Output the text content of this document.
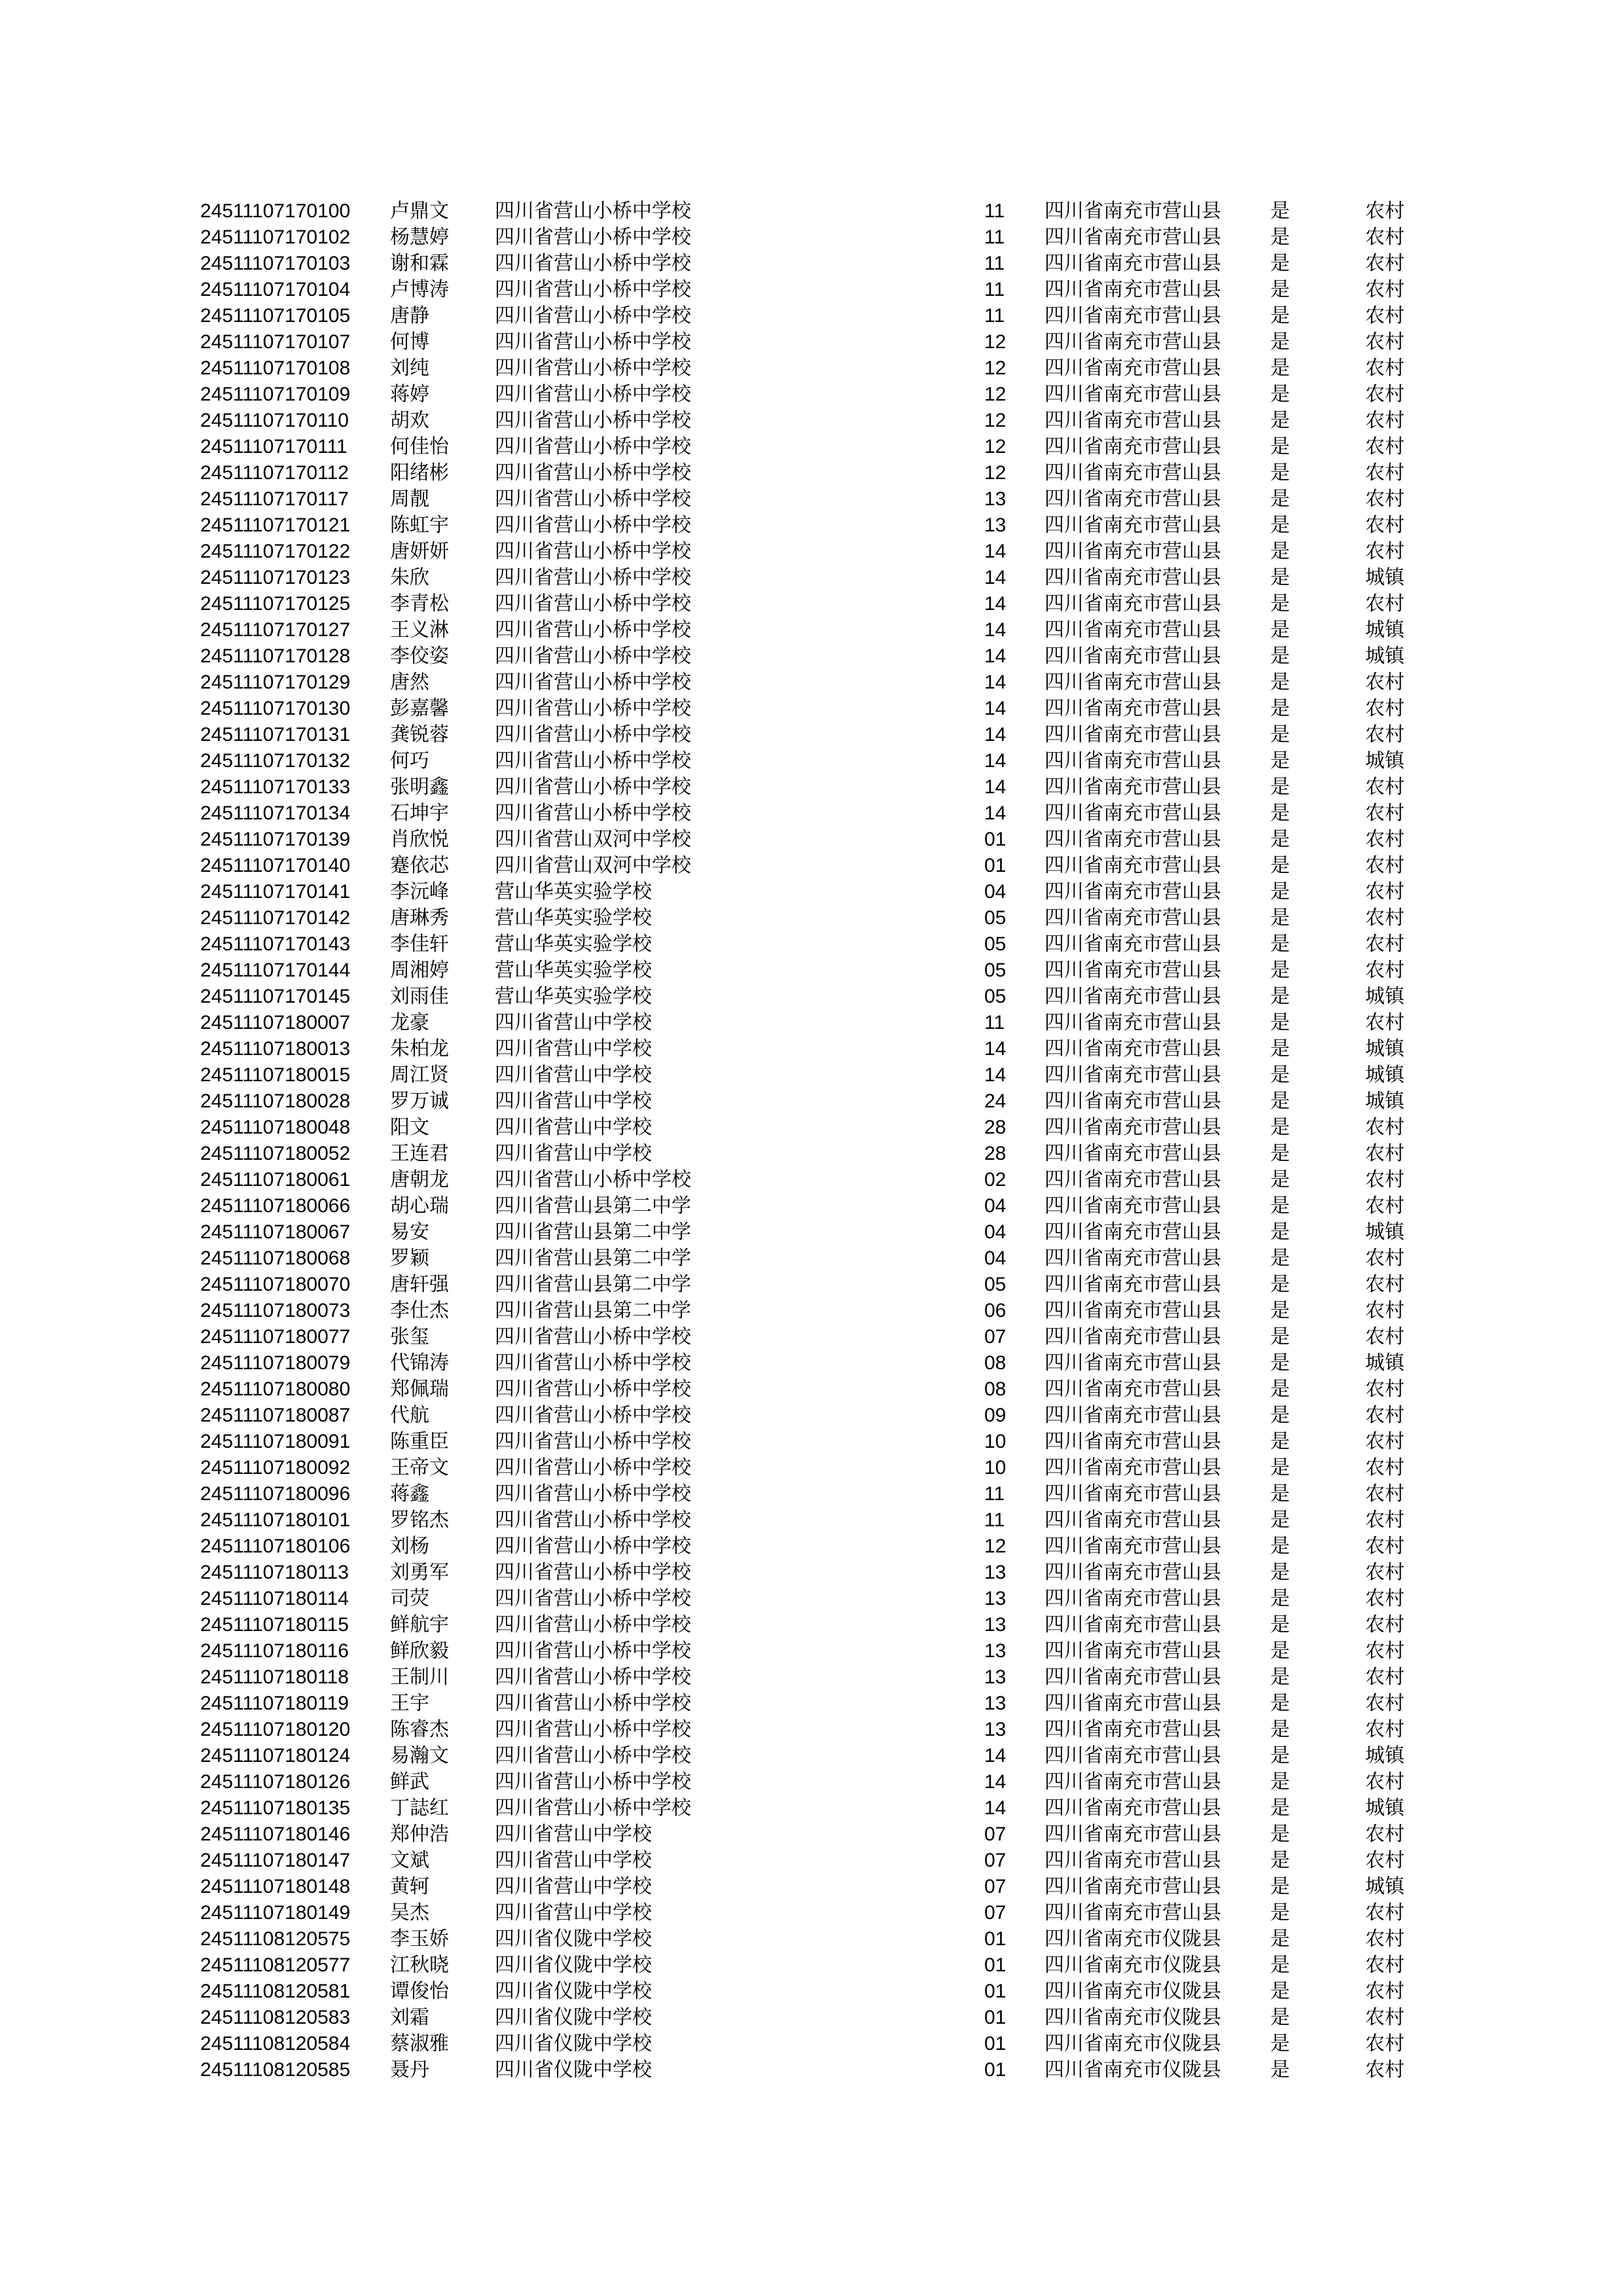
24511107170100 卢鼎文 四川省营山小桥中学校	11 四川省南充市营山县	是	农村
24511107170102 杨慧婷 四川省营山小桥中学校	11 四川省南充市营山县	是	农村
24511107170103 谢和霖 四川省营山小桥中学校	11 四川省南充市营山县	是	农村
24511107170104 卢博涛 四川省营山小桥中学校	11 四川省南充市营山县	是	农村
24511107170105 唐静	四川省营山小桥中学校	11 四川省南充市营山县	是	农村
24511107170107 何博	四川省营山小桥中学校	12 四川省南充市营山县	是	农村
24511107170108 刘纯	四川省营山小桥中学校	12 四川省南充市营山县	是	农村
24511107170109 蒋婷	四川省营山小桥中学校	12 四川省南充市营山县	是	农村
24511107170110 胡欢	四川省营山小桥中学校	12 四川省南充市营山县	是	农村
24511107170111 何佳怡 四川省营山小桥中学校	12 四川省南充市营山县	是	农村
24511107170112 阳绪彬 四川省营山小桥中学校	12 四川省南充市营山县	是	农村
24511107170117 周靓	四川省营山小桥中学校	13 四川省南充市营山县	是	农村
24511107170121 陈虹宇 四川省营山小桥中学校	13 四川省南充市营山县	是	农村
24511107170122 唐妍妍 四川省营山小桥中学校	14 四川省南充市营山县	是	农村
24511107170123 朱欣	四川省营山小桥中学校	14 四川省南充市营山县	是	城镇
24511107170125 李青松 四川省营山小桥中学校	14 四川省南充市营山县	是	农村
24511107170127 王义淋 四川省营山小桥中学校	14 四川省南充市营山县	是	城镇
24511107170128 李佼姿 四川省营山小桥中学校	14 四川省南充市营山县	是	城镇
24511107170129 唐然	四川省营山小桥中学校	14 四川省南充市营山县	是	农村
24511107170130 彭嘉馨 四川省营山小桥中学校	14 四川省南充市营山县	是	农村
24511107170131 龚锐蓉 四川省营山小桥中学校	14 四川省南充市营山县	是	农村
24511107170132 何巧	四川省营山小桥中学校	14 四川省南充市营山县	是	城镇
24511107170133 张明鑫 四川省营山小桥中学校	14 四川省南充市营山县	是	农村
24511107170134 石坤宇 四川省营山小桥中学校	14 四川省南充市营山县	是	农村
24511107170139 肖欣悦 四川省营山双河中学校	01 四川省南充市营山县	是	农村
24511107170140 蹇依芯 四川省营山双河中学校	01 四川省南充市营山县	是	农村
24511107170141 李沅峰 营山华英实验学校	04 四川省南充市营山县	是	农村
24511107170142 唐琳秀 营山华英实验学校	05 四川省南充市营山县	是	农村
24511107170143 李佳轩 营山华英实验学校	05 四川省南充市营山县	是	农村
24511107170144 周湘婷 营山华英实验学校	05 四川省南充市营山县	是	农村
24511107170145 刘雨佳 营山华英实验学校	05 四川省南充市营山县	是	城镇
24511107180007 龙豪	四川省营山中学校	11 四川省南充市营山县	是	农村
24511107180013 朱柏龙 四川省营山中学校	14 四川省南充市营山县	是	城镇
24511107180015 周江贤 四川省营山中学校	14 四川省南充市营山县	是	城镇
24511107180028 罗万诚 四川省营山中学校	24 四川省南充市营山县	是	城镇
24511107180048 阳文	四川省营山中学校	28 四川省南充市营山县	是	农村
24511107180052 王连君 四川省营山中学校	28 四川省南充市营山县	是	农村
24511107180061 唐朝龙 四川省营山小桥中学校	02 四川省南充市营山县	是	农村
24511107180066 胡心瑞 四川省营山县第二中学	04 四川省南充市营山县	是	农村
24511107180067 易安	四川省营山县第二中学	04 四川省南充市营山县	是	城镇
24511107180068 罗颖	四川省营山县第二中学	04 四川省南充市营山县	是	农村
24511107180070 唐轩强 四川省营山县第二中学	05 四川省南充市营山县	是	农村
24511107180073 李仕杰 四川省营山县第二中学	06 四川省南充市营山县	是	农村
24511107180077 张玺	四川省营山小桥中学校	07 四川省南充市营山县	是	农村
24511107180079 代锦涛 四川省营山小桥中学校	08 四川省南充市营山县	是	城镇
24511107180080 郑佩瑞 四川省营山小桥中学校	08 四川省南充市营山县	是	农村
24511107180087 代航	四川省营山小桥中学校	09 四川省南充市营山县	是	农村
24511107180091 陈重臣 四川省营山小桥中学校	10 四川省南充市营山县	是	农村
24511107180092 王帝文 四川省营山小桥中学校	10 四川省南充市营山县	是	农村
24511107180096 蒋鑫	四川省营山小桥中学校	11 四川省南充市营山县	是	农村
24511107180101 罗铭杰 四川省营山小桥中学校	11 四川省南充市营山县	是	农村
24511107180106 刘杨	四川省营山小桥中学校	12 四川省南充市营山县	是	农村
24511107180113 刘勇军 四川省营山小桥中学校	13 四川省南充市营山县	是	农村
24511107180114 司荧	四川省营山小桥中学校	13 四川省南充市营山县	是	农村
24511107180115 鲜航宇 四川省营山小桥中学校	13 四川省南充市营山县	是	农村
24511107180116 鲜欣毅 四川省营山小桥中学校	13 四川省南充市营山县	是	农村
24511107180118 王制川 四川省营山小桥中学校	13 四川省南充市营山县	是	农村
24511107180119 王宇	四川省营山小桥中学校	13 四川省南充市营山县	是	农村
24511107180120 陈睿杰 四川省营山小桥中学校	13 四川省南充市营山县	是	农村
24511107180124 易瀚文 四川省营山小桥中学校	14 四川省南充市营山县	是	城镇
24511107180126 鲜武	四川省营山小桥中学校	14 四川省南充市营山县	是	农村
24511107180135 丁誌红 四川省营山小桥中学校	14 四川省南充市营山县	是	城镇
24511107180146 郑仲浩 四川省营山中学校	07 四川省南充市营山县	是	农村
24511107180147 文斌	四川省营山中学校	07 四川省南充市营山县	是	农村
24511107180148 黄轲	四川省营山中学校	07 四川省南充市营山县	是	城镇
24511107180149 吴杰	四川省营山中学校	07 四川省南充市营山县	是	农村
24511108120575 李玉娇 四川省仪陇中学校	01 四川省南充市仪陇县	是	农村
24511108120577 江秋晓 四川省仪陇中学校	01 四川省南充市仪陇县	是	农村
24511108120581 谭俊怡 四川省仪陇中学校	01 四川省南充市仪陇县	是	农村
24511108120583 刘霜	四川省仪陇中学校	01 四川省南充市仪陇县	是	农村
24511108120584 蔡淑雅 四川省仪陇中学校	01 四川省南充市仪陇县	是	农村
24511108120585 聂丹	四川省仪陇中学校	01 四川省南充市仪陇县	是	农村
